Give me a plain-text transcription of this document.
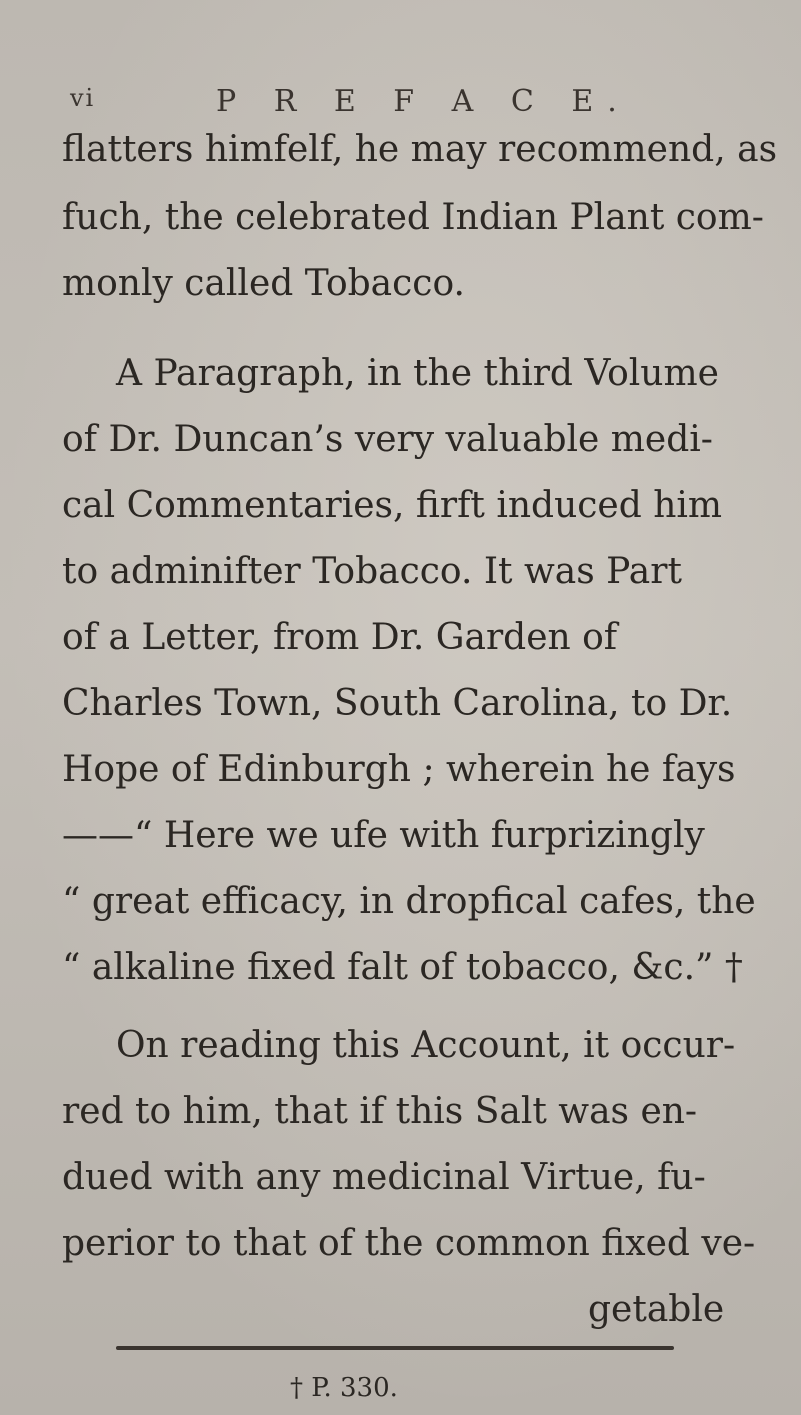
vi	P R E F A C E.
flatters himfelf, he may recommend, as
fuch, the celebrated Indian Plant com-
monly called Tobacco.
A Paragraph, in the third Volume
of Dr. Duncan’s very valuable medi-
cal Commentaries, firft induced him
to adminifter Tobacco. It was Part
of a Letter, from Dr. Garden of
Charles Town, South Carolina, to Dr.
Hope of Edinburgh ; wherein he fays
——“ Here we ufe with furprizingly
“ great efficacy, in dropfical cafes, the
“ alkaline fixed falt of tobacco, &c.” †
On reading this Account, it occur-
red to him, that if this Salt was en-
dued with any medicinal Virtue, fu-
perior to that of the common fixed ve-
getable
† P. 330.
